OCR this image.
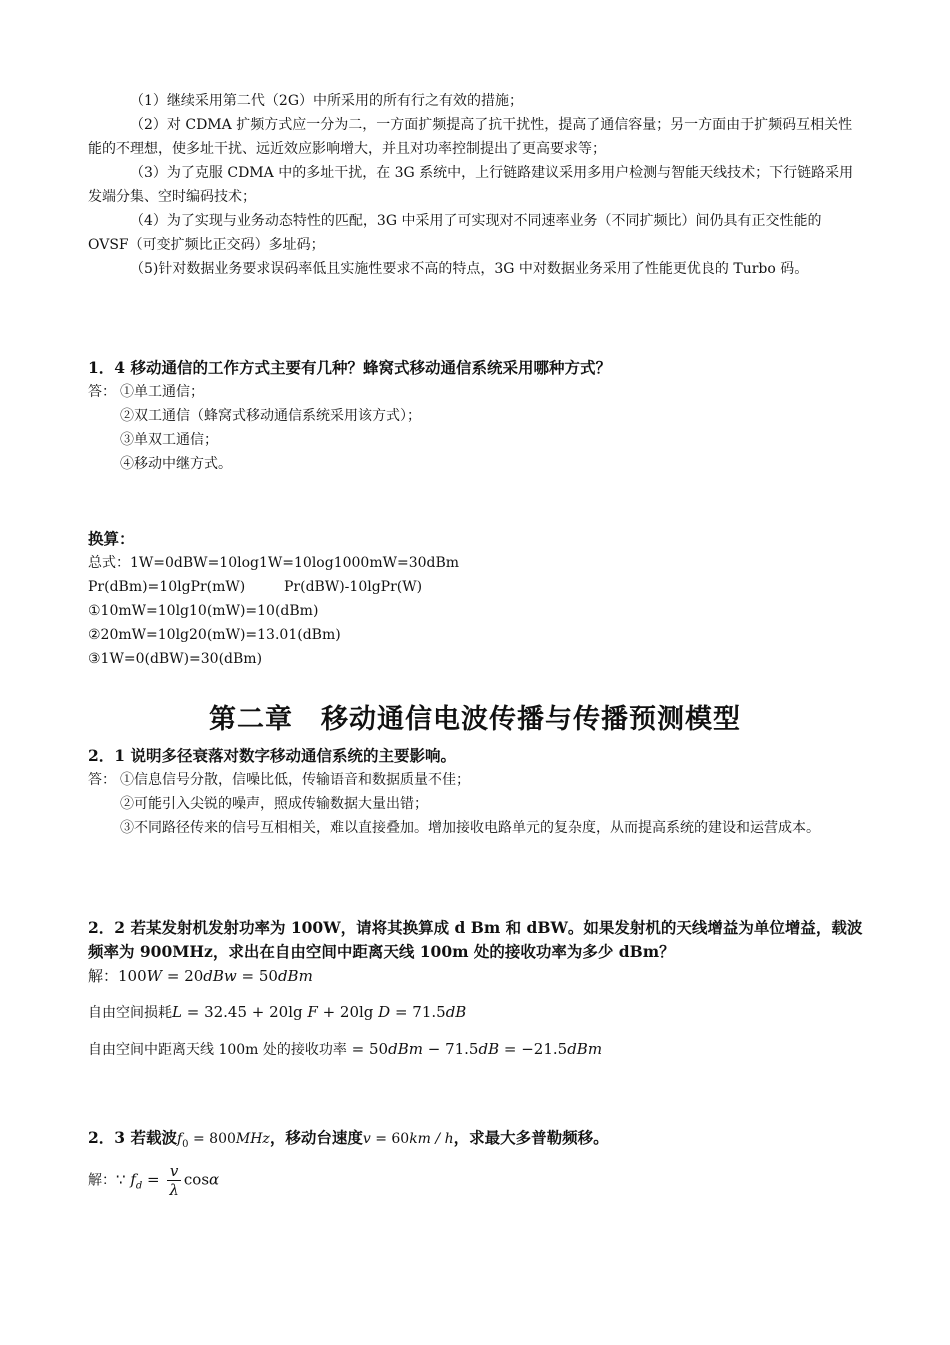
（1）继续采用第二代（2G）中所采用的所有行之有效的措施；

（2）对 CDMA 扩频方式应一分为二，一方面扩频提高了抗干扰性，提高了通信容量；另一方面由于扩频码互相关性能的不理想，使多址干扰、远近效应影响增大，并且对功率控制提出了更高要求等；

（3）为了克服 CDMA 中的多址干扰，在 3G 系统中，上行链路建议采用多用户检测与智能天线技术；下行链路采用发端分集、空时编码技术；

（4）为了实现与业务动态特性的匹配，3G 中采用了可实现对不同速率业务（不同扩频比）间仍具有正交性能的 OVSF（可变扩频比正交码）多址码；

（5)针对数据业务要求误码率低且实施性要求不高的特点，3G 中对数据业务采用了性能更优良的 Turbo 码。

1．4 移动通信的工作方式主要有几种？蜂窝式移动通信系统采用哪种方式？

答： ①单工通信；
②双工通信（蜂窝式移动通信系统采用该方式）；
③单双工通信；
④移动中继方式。

换算：

总式：1W=0dBW=10log1W=10log1000mW=30dBm
Pr(dBm)=10lgPr(mW)	Pr(dBW)-10lgPr(W)
①10mW=10lg10(mW)=10(dBm)
②20mW=10lg20(mW)=13.01(dBm)
③1W=0(dBW)=30(dBm)
第二章　移动通信电波传播与传播预测模型

2．1 说明多径衰落对数字移动通信系统的主要影响。

答： ①信息信号分散，信噪比低，传输语音和数据质量不佳；
②可能引入尖锐的噪声，照成传输数据大量出错；

③不同路径传来的信号互相相关，难以直接叠加。增加接收电路单元的复杂度，从而提高系统的建设和运营成本。

2．2 若某发射机发射功率为 100W，请将其换算成 d Bm 和 dBW。如果发射机的天线增益为单位增益，载波频率为 900MHz，求出在自由空间中距离天线 100m 处的接收功率为多少 dBm？

解：100W = 20dBw = 50dBm
自由空间损耗L = 32.45 + 20lg F + 20lg D = 71.5dB
自由空间中距离天线 100m 处的接收功率 = 50dBm − 71.5dB = −21.5dBm
2．3 若载波$f_0 = 800MHz$，移动台速度v = 60km / h，求最大多普勒频移。
解：∵ $f_d = \frac{v}{\lambda}$ cosα
